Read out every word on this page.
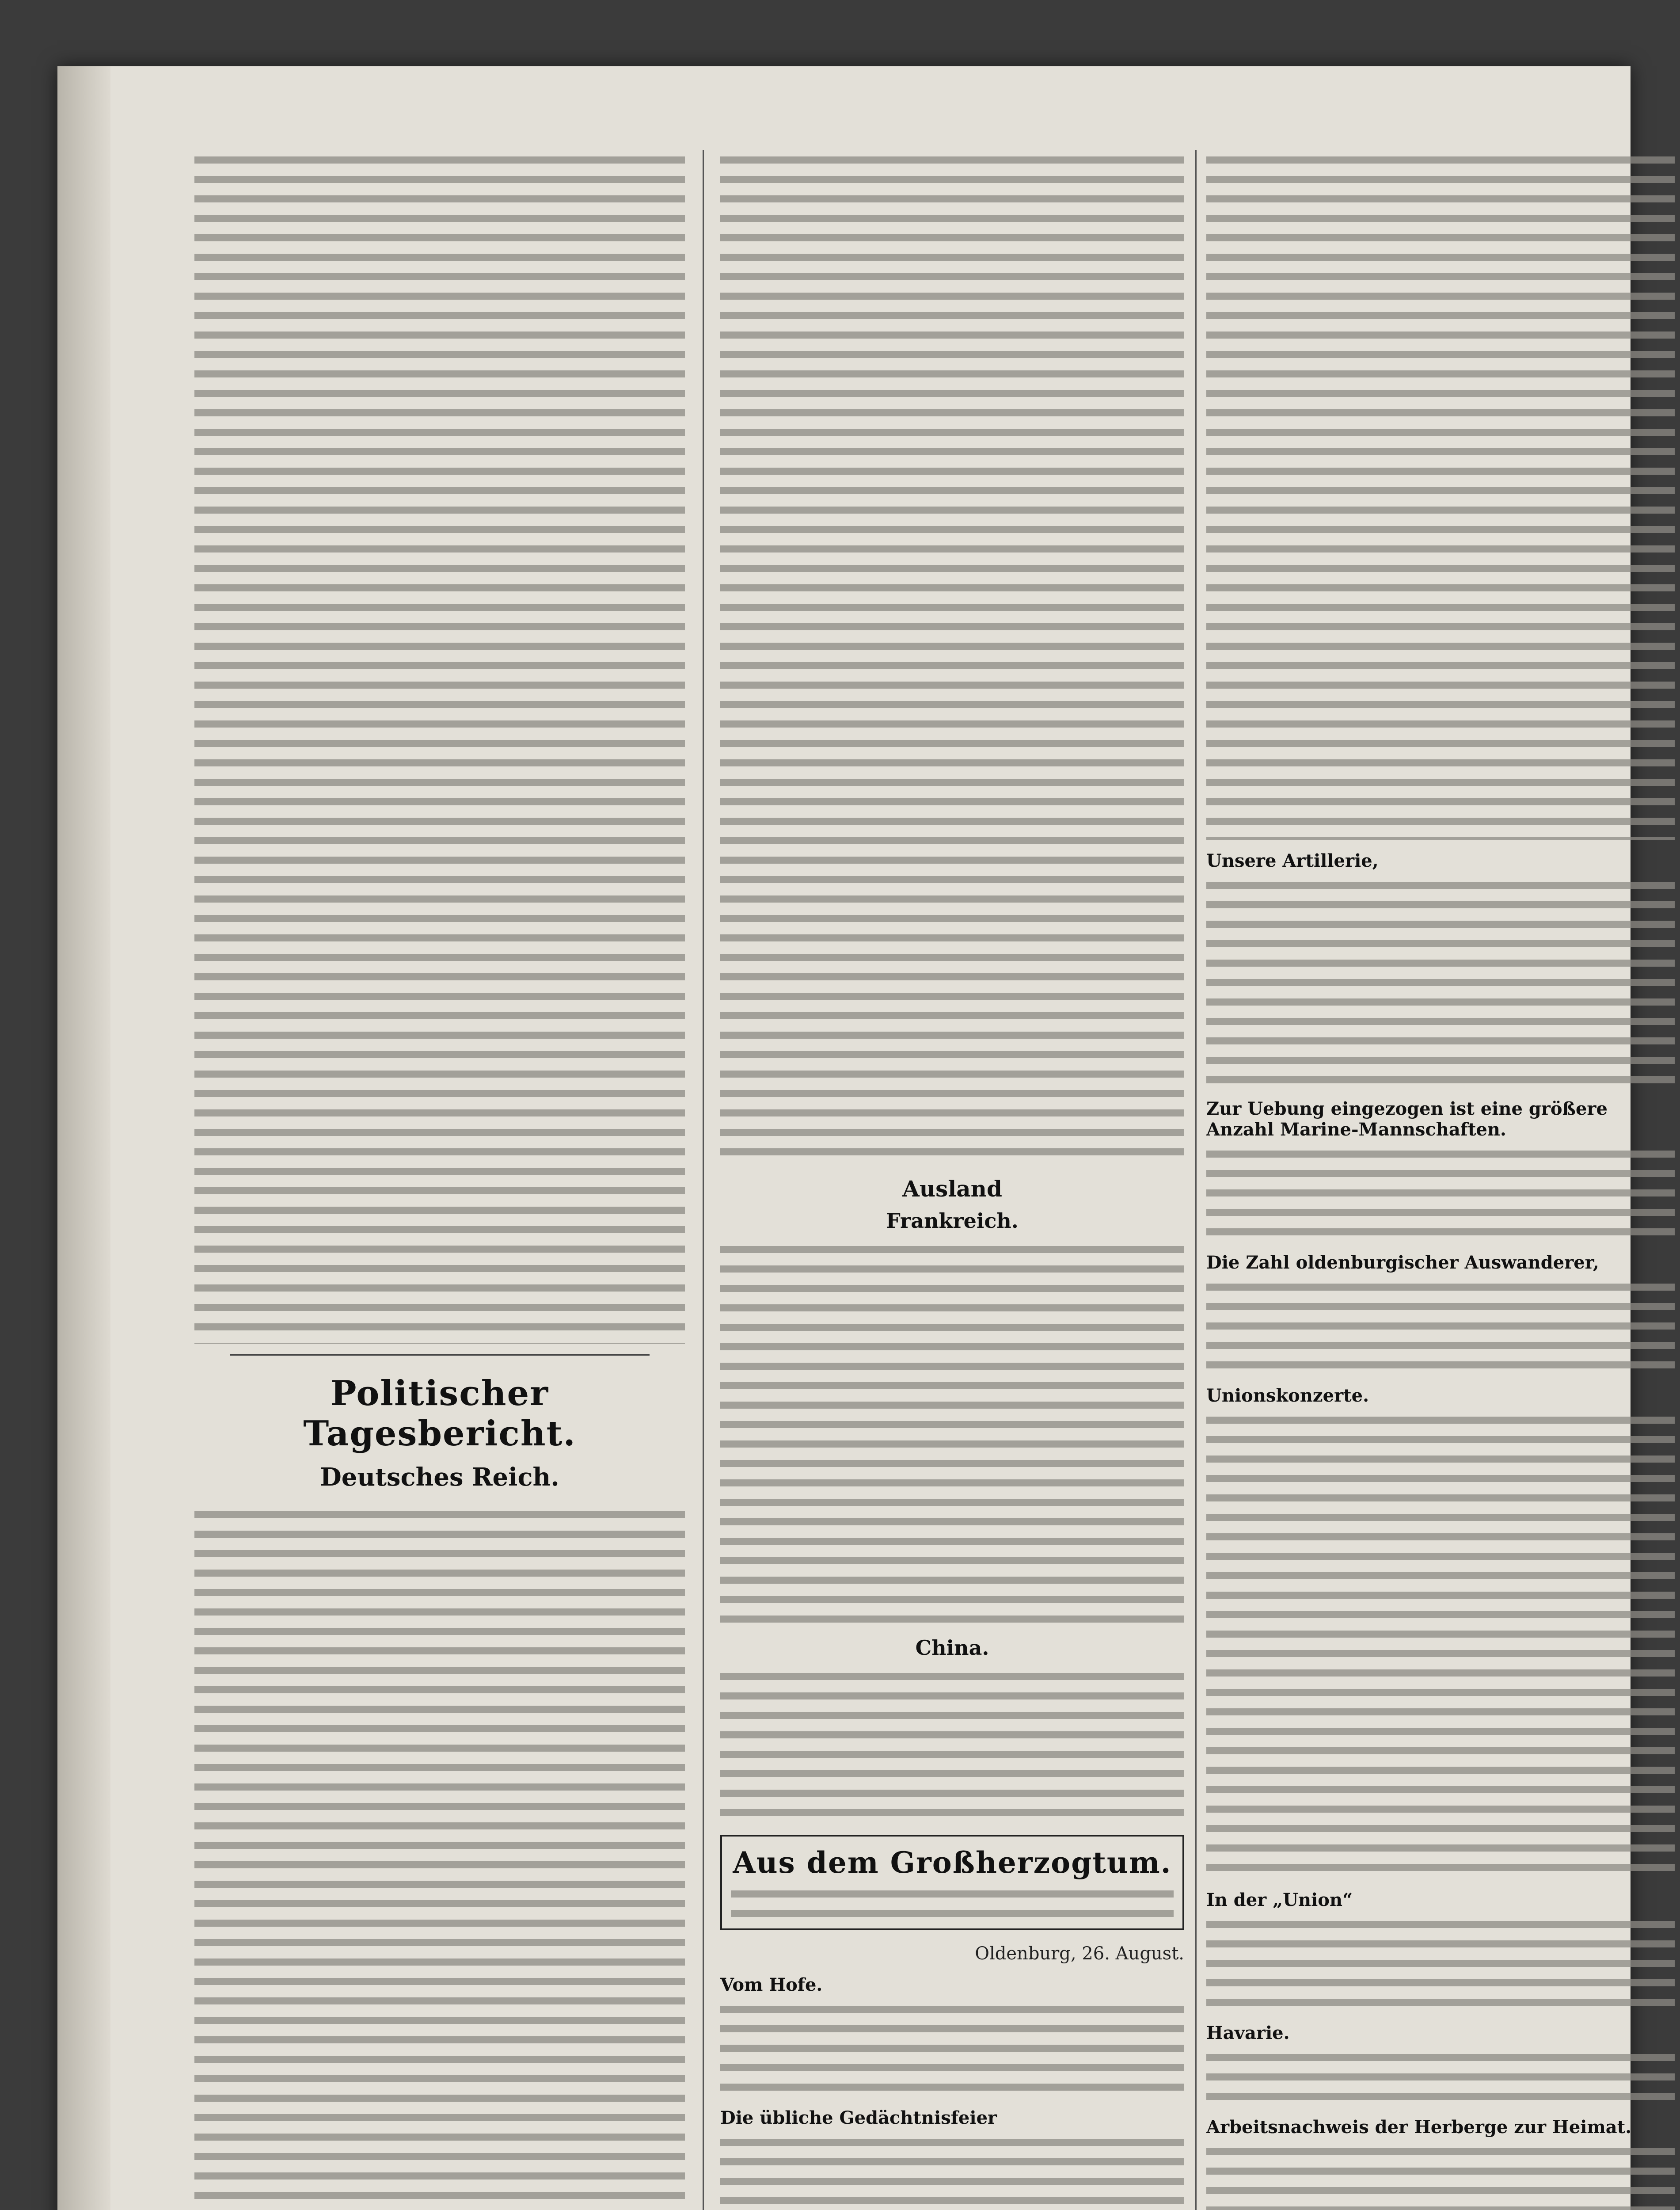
Politischer Tagesbericht.
Deutsches Reich.
Ausland
Frankreich.
China.
Aus dem Großherzogtum.
Oldenburg, 26. August.
Vom Hofe.
Die übliche Gedächtnisfeier
Unsere Artillerie,
Zur Uebung eingezogen ist eine größere Anzahl Marine-Mannschaften.
Die Zahl oldenburgischer Auswanderer,
Unionskonzerte.
In der „Union“
Havarie.
Arbeitsnachweis der Herberge zur Heimat.
